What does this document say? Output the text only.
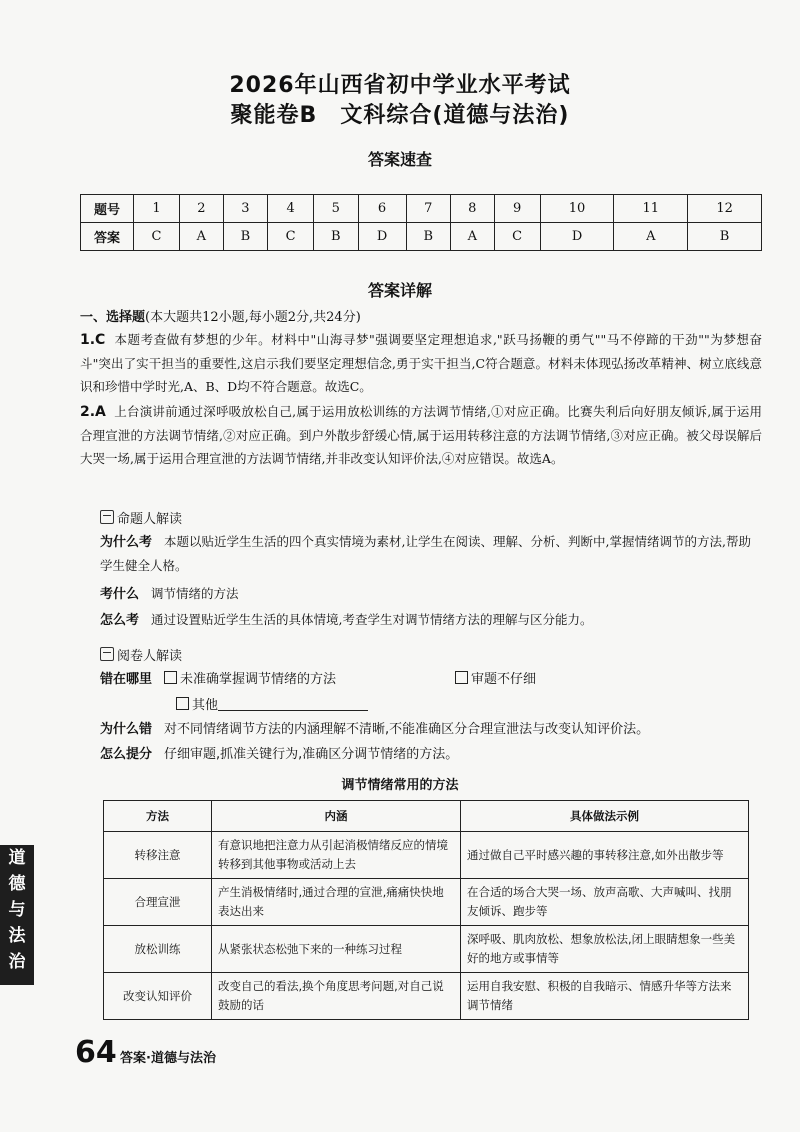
2026年山西省初中学业水平考试
聚能卷B　文科综合(道德与法治)
答案速查
题号	1	2	3	4	5	6	7	8	9	10	11	12
答案	C	A	B	C	B	D	B	A	C	D	A	B
答案详解
一、选择题(本大题共12小题,每小题2分,共24分)
1.C 本题考查做有梦想的少年。材料中"山海寻梦"强调要坚定理想追求,"跃马扬鞭的勇气""马不停蹄的干劲""为梦想奋斗"突出了实干担当的重要性,这启示我们要坚定理想信念,勇于实干担当,C符合题意。材料未体现弘扬改革精神、树立底线意识和珍惜中学时光,A、B、D均不符合题意。故选C。
2.A 上台演讲前通过深呼吸放松自己,属于运用放松训练的方法调节情绪,①对应正确。比赛失利后向好朋友倾诉,属于运用合理宣泄的方法调节情绪,②对应正确。到户外散步舒缓心情,属于运用转移注意的方法调节情绪,③对应正确。被父母误解后大哭一场,属于运用合理宣泄的方法调节情绪,并非改变认知评价法,④对应错误。故选A。
命题人解读
为什么考 本题以贴近学生生活的四个真实情境为素材,让学生在阅读、理解、分析、判断中,掌握情绪调节的方法,帮助学生健全人格。
考什么 调节情绪的方法
怎么考 通过设置贴近学生生活的具体情境,考查学生对调节情绪方法的理解与区分能力。
阅卷人解读
错在哪里 未准确掌握调节情绪的方法	审题不仔细
其他
为什么错 对不同情绪调节方法的内涵理解不清晰,不能准确区分合理宣泄法与改变认知评价法。
怎么提分 仔细审题,抓准关键行为,准确区分调节情绪的方法。
调节情绪常用的方法
方法	内涵	具体做法示例
转移注意	有意识地把注意力从引起消极情绪反应的情境转移到其他事物或活动上去	通过做自己平时感兴趣的事转移注意,如外出散步等
合理宣泄	产生消极情绪时,通过合理的宣泄,痛痛快快地表达出来	在合适的场合大哭一场、放声高歌、大声喊叫、找朋友倾诉、跑步等
放松训练	从紧张状态松弛下来的一种练习过程	深呼吸、肌肉放松、想象放松法,闭上眼睛想象一些美好的地方或事情等
改变认知评价	改变自己的看法,换个角度思考问题,对自己说鼓励的话	运用自我安慰、积极的自我暗示、情感升华等方法来调节情绪
道
德
与
法
治
64 答案·道德与法治
